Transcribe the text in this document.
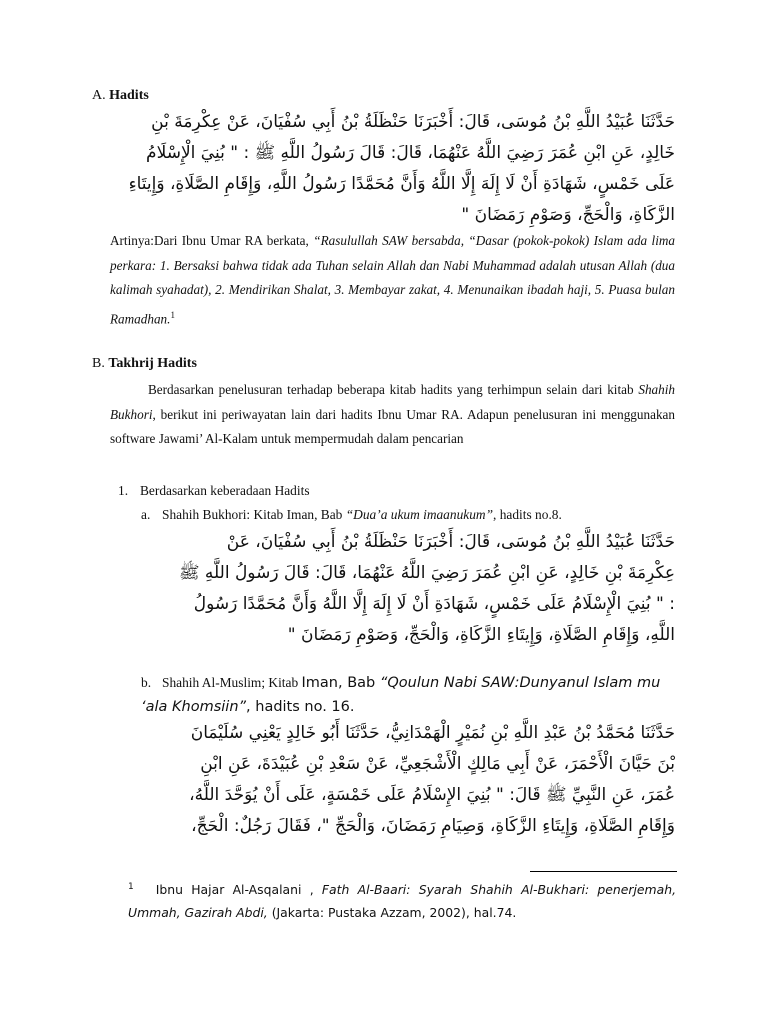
A. Hadits
حَدَّثَنَا عُبَيْدُ اللَّهِ بْنُ مُوسَى، قَالَ: أَخْبَرَنَا حَنْظَلَةُ بْنُ أَبِي سُفْيَانَ، عَنْ عِكْرِمَةَ بْنِ
خَالِدٍ، عَنِ ابْنِ عُمَرَ رَضِيَ اللَّهُ عَنْهُمَا، قَالَ: قَالَ رَسُولُ اللَّهِ ﷺ : " بُنِيَ الْإِسْلَامُ
عَلَى خَمْسٍ، شَهَادَةِ أَنْ لَا إِلَهَ إِلَّا اللَّهُ وَأَنَّ مُحَمَّدًا رَسُولُ اللَّهِ، وَإِقَامِ الصَّلَاةِ، وَإِيتَاءِ
الزَّكَاةِ، وَالْحَجِّ، وَصَوْمِ رَمَضَانَ "
Artinya:Dari Ibnu Umar RA berkata, “Rasulullah SAW bersabda, “Dasar (pokok-pokok) Islam ada lima perkara: 1. Bersaksi bahwa tidak ada Tuhan selain Allah dan Nabi Muhammad adalah utusan Allah (dua kalimah syahadat), 2. Mendirikan Shalat, 3. Membayar zakat, 4. Menunaikan ibadah haji, 5. Puasa bulan Ramadhan.$^1$
B. Takhrij Hadits
Berdasarkan penelusuran terhadap beberapa kitab hadits yang terhimpun selain dari kitab Shahih Bukhori, berikut ini periwayatan lain dari hadits Ibnu Umar RA. Adapun penelusuran ini menggunakan software Jawami’ Al-Kalam untuk mempermudah dalam pencarian
1. Berdasarkan keberadaan Hadits
a. Shahih Bukhori: Kitab Iman, Bab “Dua’a ukum imaanukum”, hadits no.8.
حَدَّثَنَا عُبَيْدُ اللَّهِ بْنُ مُوسَى، قَالَ: أَخْبَرَنَا حَنْظَلَةُ بْنُ أَبِي سُفْيَانَ، عَنْ
عِكْرِمَةَ بْنِ خَالِدٍ، عَنِ ابْنِ عُمَرَ رَضِيَ اللَّهُ عَنْهُمَا، قَالَ: قَالَ رَسُولُ اللَّهِ ﷺ
: " بُنِيَ الْإِسْلَامُ عَلَى خَمْسٍ، شَهَادَةِ أَنْ لَا إِلَهَ إِلَّا اللَّهُ وَأَنَّ مُحَمَّدًا رَسُولُ
اللَّهِ، وَإِقَامِ الصَّلَاةِ، وَإِيتَاءِ الزَّكَاةِ، وَالْحَجِّ، وَصَوْمِ رَمَضَانَ "
b. Shahih Al-Muslim; Kitab Iman, Bab “Qoulun Nabi SAW:Dunyanul Islam mu ‘ala Khomsiin”, hadits no. 16.
حَدَّثَنَا مُحَمَّدُ بْنُ عَبْدِ اللَّهِ بْنِ نُمَيْرٍ الْهَمْدَانِيُّ، حَدَّثَنَا أَبُو خَالِدٍ يَعْنِي سُلَيْمَانَ
بْنَ حَيَّانَ الْأَحْمَرَ، عَنْ أَبِي مَالِكٍ الْأَشْجَعِيِّ، عَنْ سَعْدِ بْنِ عُبَيْدَةَ، عَنِ ابْنِ
عُمَرَ، عَنِ النَّبِيِّ ﷺ قَالَ: " بُنِيَ الإِسْلَامُ عَلَى خَمْسَةٍ، عَلَى أَنْ يُوَحَّدَ اللَّهُ،
وَإِقَامِ الصَّلَاةِ، وَإِيتَاءِ الزَّكَاةِ، وَصِيَامِ رَمَضَانَ، وَالْحَجِّ "، فَقَالَ رَجُلٌ: الْحَجِّ،
$^1$ Ibnu Hajar Al-Asqalani , Fath Al-Baari: Syarah Shahih Al-Bukhari: penerjemah, Ummah, Gazirah Abdi, (Jakarta: Pustaka Azzam, 2002), hal.74.
